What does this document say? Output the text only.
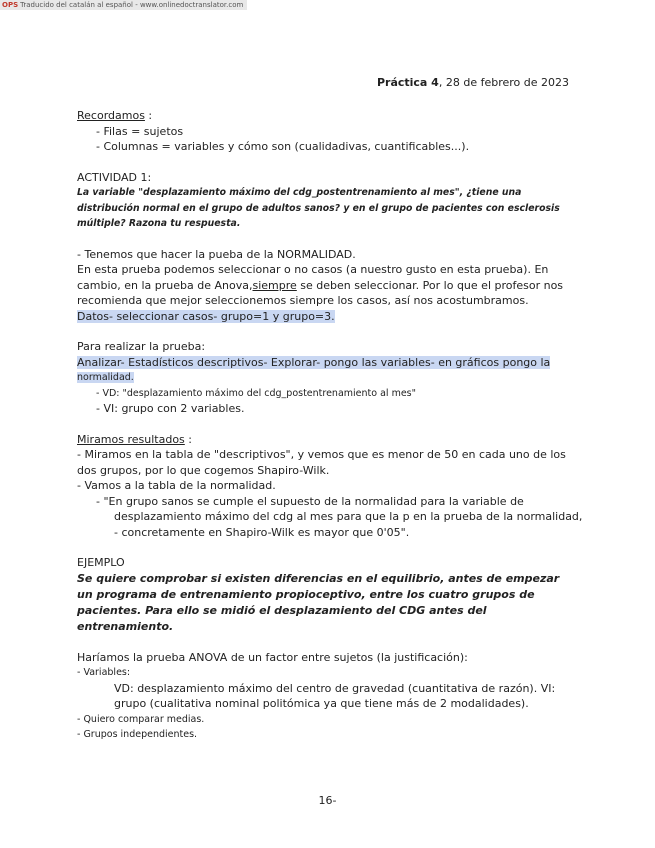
OPS Traducido del catalán al español - www.onlinedoctranslator.com
Práctica 4, 28 de febrero de 2023
Recordamos :
- Filas = sujetos
- Columnas = variables y cómo son (cualidadivas, cuantificables...).
ACTIVIDAD 1:
La variable "desplazamiento máximo del cdg_postentrenamiento al mes", ¿tiene una distribución normal en el grupo de adultos sanos? y en el grupo de pacientes con esclerosis múltiple? Razona tu respuesta.
- Tenemos que hacer la pueba de la NORMALIDAD.
En esta prueba podemos seleccionar o no casos (a nuestro gusto en esta prueba). En cambio, en la prueba de Anova,siempre se deben seleccionar. Por lo que el profesor nos recomienda que mejor seleccionemos siempre los casos, así nos acostumbramos.
Datos- seleccionar casos- grupo=1 y grupo=3.
Para realizar la prueba:
Analizar- Estadísticos descriptivos- Explorar- pongo las variables- en gráficos pongo la
normalidad.
- VD: "desplazamiento máximo del cdg_postentrenamiento al mes"
- VI: grupo con 2 variables.
Miramos resultados :
- Miramos en la tabla de "descriptivos", y vemos que es menor de 50 en cada uno de los dos grupos, por lo que cogemos Shapiro-Wilk.
- Vamos a la tabla de la normalidad.
- "En grupo sanos se cumple el supuesto de la normalidad para la variable de
desplazamiento máximo del cdg al mes para que la p en la prueba de la normalidad,
- concretamente en Shapiro-Wilk es mayor que 0'05".
EJEMPLO
Se quiere comprobar si existen diferencias en el equilibrio, antes de empezar un programa de entrenamiento propioceptivo, entre los cuatro grupos de pacientes. Para ello se midió el desplazamiento del CDG antes del entrenamiento.
Haríamos la prueba ANOVA de un factor entre sujetos (la justificación):
- Variables:
VD: desplazamiento máximo del centro de gravedad (cuantitativa de razón). VI:
grupo (cualitativa nominal politómica ya que tiene más de 2 modalidades).
- Quiero comparar medias.
- Grupos independientes.
16-
